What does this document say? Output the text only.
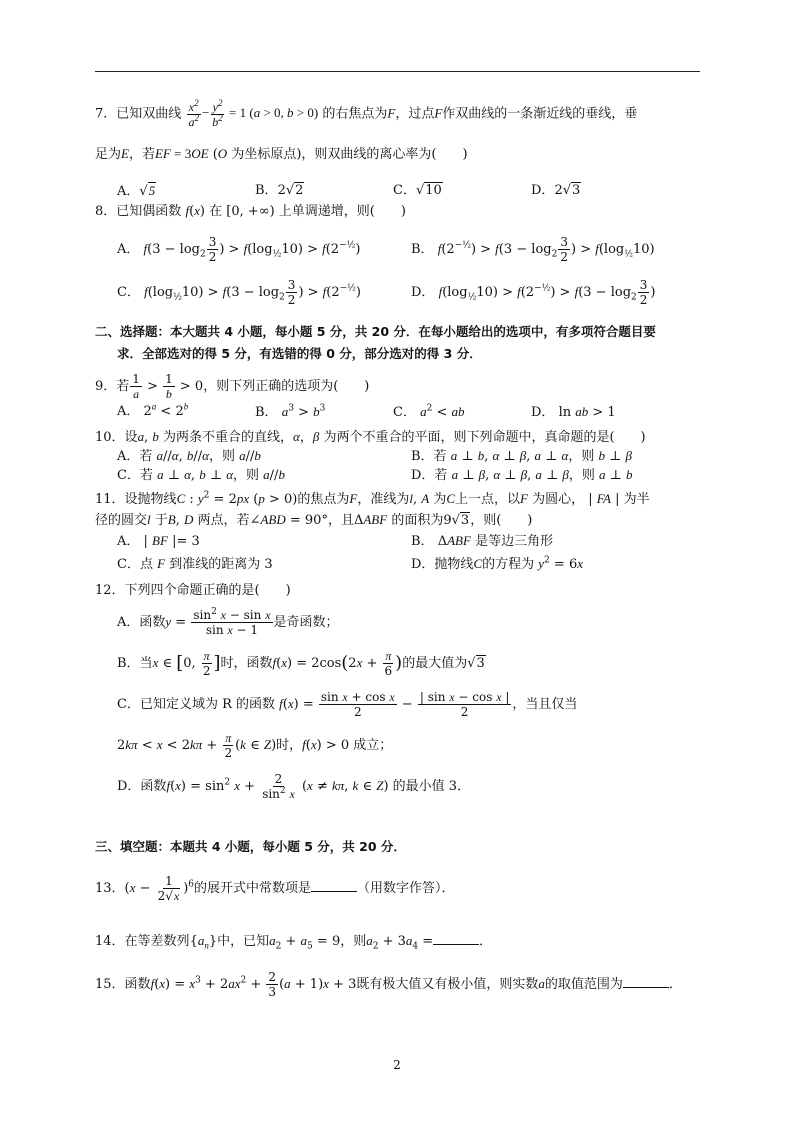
7．已知双曲线 $\frac{x^2}{a^2} - \frac{y^2}{b^2} = 1$ (a > 0, b > 0) 的右焦点为F，过点F作双曲线的一条渐近线的垂线，垂
足为E，若EF = 3OE (O 为坐标原点)，则双曲线的离心率为(　　)
A．√5	B．2√2	C．√10	D．2√3
8．已知偶函数 f(x) 在 [0, +∞) 上单调递增，则(　　)
A． $f(3 - \log_2 \frac{3}{2}$ ) > $f(\log_{\frac{1}{2}}10) > f(2^{-\frac{1}{2}})$	B． $f(2^{-\frac{1}{2}}) > f(3 - \log_2 \frac{3}{2}$ ) > $f(\log_{\frac{1}{2}}10)$
C． $f(\log_{\frac{1}{2}}10) > f(3 - \log_2 \frac{3}{2}$ ) > $f(2^{-\frac{1}{2}})$	D． $f(\log_{\frac{1}{2}}10) > f(2^{-\frac{1}{2}}) > f(3 - \log_2 \frac{3}{2}$ )
二、选择题：本大题共 4 小题，每小题 5 分，共 20 分．在每小题给出的选项中，有多项符合题目要
求．全部选对的得 5 分，有选错的得 0 分，部分选对的得 3 分．
9．若 $\frac{1}{a} > \frac{1}{b} > 0$，则下列正确的选项为(　　)
A． $2^a < 2^b$	B． $a^3 > b^3$	C． $a^2$ < ab	D． ln ab > 1
10．设a, b 为两条不重合的直线，α，β 为两个不重合的平面，则下列命题中，真命题的是(　　)
A．若 a//α, b//α，则 a//b	B．若 a ⊥ b, α ⊥ β, a ⊥ α，则 b ⊥ β
C．若 a ⊥ α, b ⊥ α，则 a//b	D．若 a ⊥ β, α ⊥ β, a ⊥ β，则 a ⊥ b
11．设抛物线C : $y^2 = 2px$ (p > 0)的焦点为F，准线为l, A 为C上一点，以F 为圆心， | FA | 为半
径的圆交l 于B, D 两点，若∠ABD = 90°，且ΔABF 的面积为9√3，则(　　)
A． | BF |= 3	B． ΔABF 是等边三角形
C．点 F 到准线的距离为 3	D．抛物线C的方程为 $y^2 = 6x$
12．下列四个命题正确的是(　　)
A．函数$y = \frac{\sin^2 x - \sin x}{\text{sin x − 1}}$ 是奇函数；
B．当x ∈ [0, $\frac{\pi}{2}$ ]时，函数$f(x) = 2\cos(2x + \frac{\pi}{6}$ )的最大值为√3
C．已知定义域为 R 的函数 $f(x) = \frac{\text{sin x + cos x}}{2} - \frac{\text{| sin x − cos x |}}{2}$ ，当且仅当
$2k\pi < x < 2k\pi + \frac{\pi}{2} (k$ ∈ Z)时，f(x) > 0 成立；
D．函数$f(x) = \sin^2 x + \frac{2}{\sin^2 x} (x \ne k\pi$, k ∈ Z) 的最小值 3．
三、填空题：本题共 4 小题，每小题 5 分，共 20 分．
13．$(x - \frac{1}{2√x} )^6$的展开式中常数项是	（用数字作答）．
14．在等差数列$\{a_n\}$中，已知$a_2 + a_5 = 9$，则$a_2 + 3a_4$ =	．
15．函数$f(x) = x^3 + 2ax^2 + \frac{2}{3} (a + 1)x + 3$既有极大值又有极小值，则实数a的取值范围为	．
2
